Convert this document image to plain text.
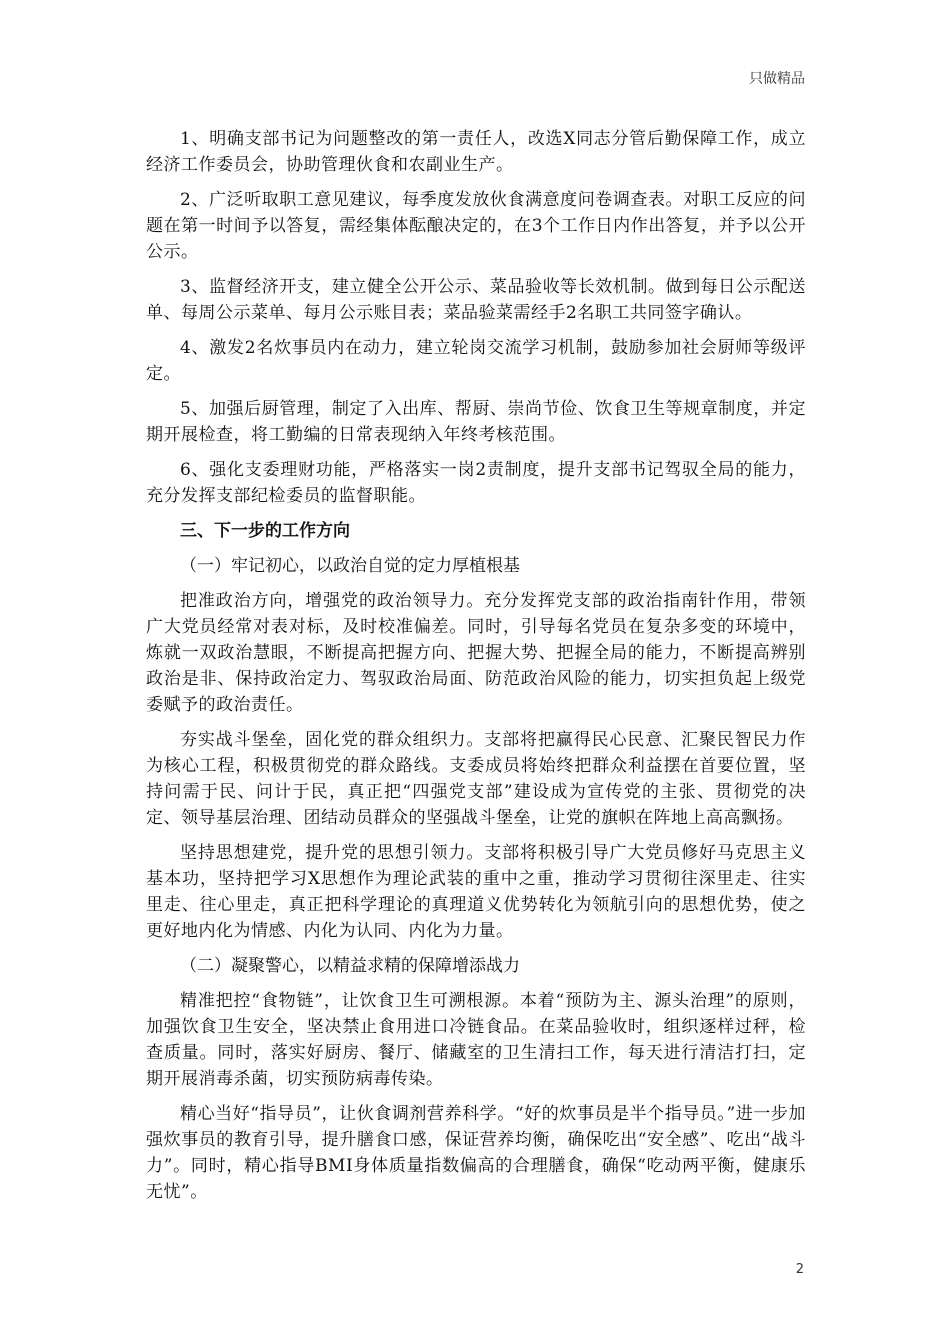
只做精品

1、明确支部书记为问题整改的第一责任人，改选X同志分管后勤保障工作，成立经济工作委员会，协助管理伙食和农副业生产。

2、广泛听取职工意见建议，每季度发放伙食满意度问卷调查表。对职工反应的问题在第一时间予以答复，需经集体酝酿决定的，在3个工作日内作出答复，并予以公开公示。

3、监督经济开支，建立健全公开公示、菜品验收等长效机制。做到每日公示配送单、每周公示菜单、每月公示账目表；菜品验菜需经手2名职工共同签字确认。

4、激发2名炊事员内在动力，建立轮岗交流学习机制，鼓励参加社会厨师等级评定。

5、加强后厨管理，制定了入出库、帮厨、崇尚节俭、饮食卫生等规章制度，并定期开展检查，将工勤编的日常表现纳入年终考核范围。

6、强化支委理财功能，严格落实一岗2责制度，提升支部书记驾驭全局的能力，充分发挥支部纪检委员的监督职能。

三、下一步的工作方向

（一）牢记初心，以政治自觉的定力厚植根基

把准政治方向，增强党的政治领导力。充分发挥党支部的政治指南针作用，带领广大党员经常对表对标，及时校准偏差。同时，引导每名党员在复杂多变的环境中，炼就一双政治慧眼，不断提高把握方向、把握大势、把握全局的能力，不断提高辨别政治是非、保持政治定力、驾驭政治局面、防范政治风险的能力，切实担负起上级党委赋予的政治责任。

夯实战斗堡垒，固化党的群众组织力。支部将把赢得民心民意、汇聚民智民力作为核心工程，积极贯彻党的群众路线。支委成员将始终把群众利益摆在首要位置，坚持问需于民、问计于民，真正把“四强党支部”建设成为宣传党的主张、贯彻党的决定、领导基层治理、团结动员群众的坚强战斗堡垒，让党的旗帜在阵地上高高飘扬。

坚持思想建党，提升党的思想引领力。支部将积极引导广大党员修好马克思主义基本功，坚持把学习X思想作为理论武装的重中之重，推动学习贯彻往深里走、往实里走、往心里走，真正把科学理论的真理道义优势转化为领航引向的思想优势，使之更好地内化为情感、内化为认同、内化为力量。

（二）凝聚警心，以精益求精的保障增添战力

精准把控“食物链”，让饮食卫生可溯根源。本着“预防为主、源头治理”的原则，加强饮食卫生安全，坚决禁止食用进口冷链食品。在菜品验收时，组织逐样过秤，检查质量。同时，落实好厨房、餐厅、储藏室的卫生清扫工作，每天进行清洁打扫，定期开展消毒杀菌，切实预防病毒传染。

精心当好“指导员”，让伙食调剂营养科学。“好的炊事员是半个指导员。”进一步加强炊事员的教育引导，提升膳食口感，保证营养均衡，确保吃出“安全感”、吃出“战斗力”。同时，精心指导BMI身体质量指数偏高的合理膳食，确保“吃动两平衡，健康乐无忧”。

2
